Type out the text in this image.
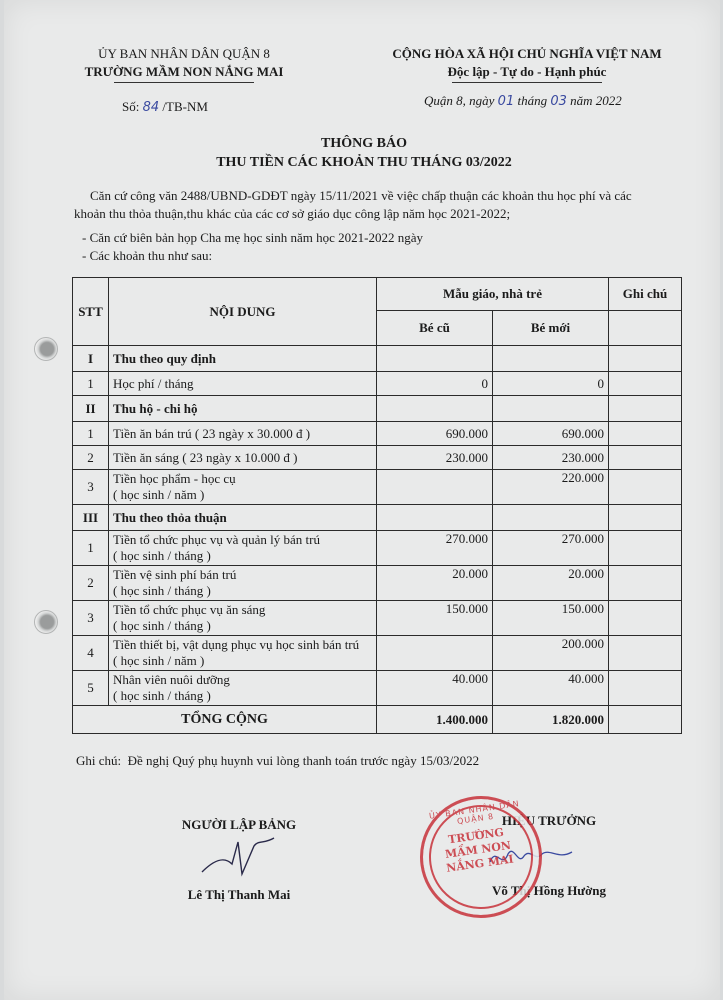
ỦY BAN NHÂN DÂN QUẬN 8
TRƯỜNG MẦM NON NẮNG MAI
Số: 84 /TB-NM
CỘNG HÒA XÃ HỘI CHỦ NGHĨA VIỆT NAM
Độc lập - Tự do - Hạnh phúc
Quận 8, ngày 01 tháng 03 năm 2022
THÔNG BÁO
THU TIỀN CÁC KHOẢN THU THÁNG 03/2022
Căn cứ công văn 2488/UBND-GDĐT ngày 15/11/2021 về việc chấp thuận các khoản thu học phí và các
khoản thu thỏa thuận,thu khác của các cơ sở giáo dục công lập năm học 2021-2022;
- Căn cứ biên bản họp Cha mẹ học sinh năm học 2021-2022 ngày
- Các khoản thu như sau:
STT	NỘI DUNG	Mẫu giáo, nhà trẻ		Ghi chú
		Bé cũ	Bé mới	
I	Thu theo quy định			

1	Học phí / tháng	0	0	
II	Thu hộ - chi hộ			

1	Tiền ăn bán trú ( 23 ngày x 30.000 đ )	690.000	690.000	
2	Tiền ăn sáng ( 23 ngày x 10.000 đ )	230.000	230.000	
3	Tiền học phẩm - học cụ
( học sinh / năm )		220.000	
III	Thu theo thỏa thuận			

1	Tiền tổ chức phục vụ và quản lý bán trú
( học sinh / tháng )	270.000	270.000	
2	Tiền vệ sinh phí bán trú
( học sinh / tháng )	20.000	20.000	
3	Tiền tổ chức phục vụ ăn sáng
( học sinh / tháng )	150.000	150.000	
4	Tiền thiết bị, vật dụng phục vụ học sinh bán trú
( học sinh / năm )		200.000	
5	Nhân viên nuôi dưỡng
( học sinh / tháng )	40.000	40.000	
TỔNG CỘNG		1.400.000	1.820.000	
Ghi chú: Đề nghị Quý phụ huynh vui lòng thanh toán trước ngày 15/03/2022
NGƯỜI LẬP BẢNG
Lê Thị Thanh Mai
HIỆU TRƯỞNG
Võ Thị Hồng Hường
ỦY BAN NHÂN DÂN QUẬN 8
TRƯỜNG MẦM NON NẮNG MAI
